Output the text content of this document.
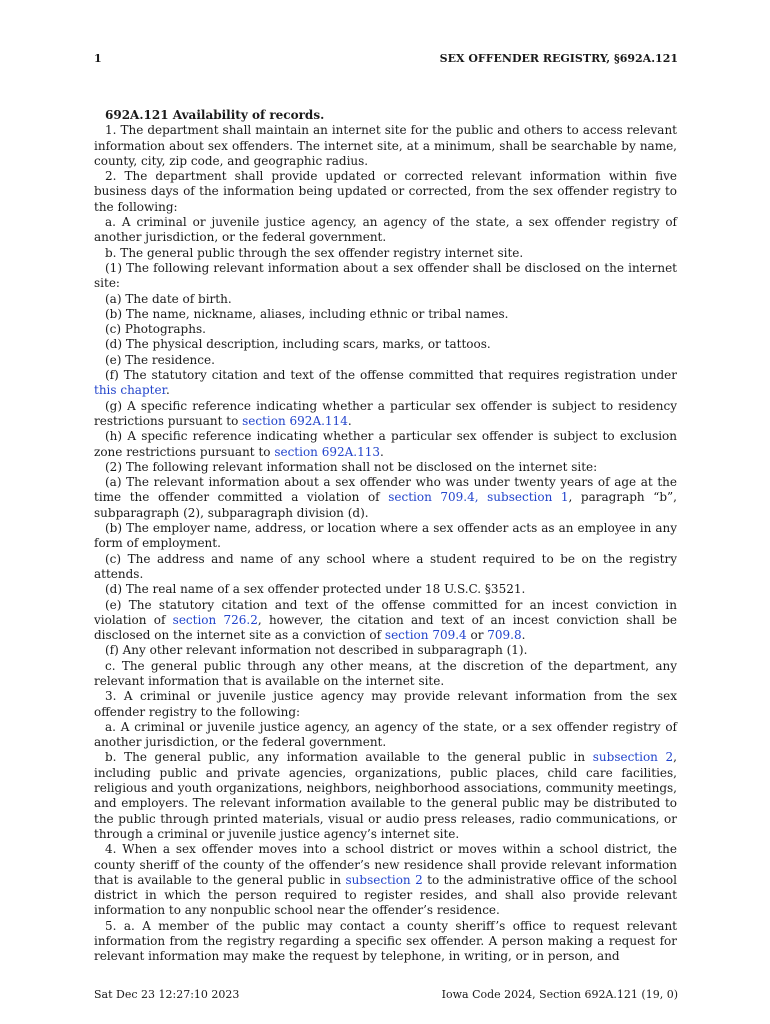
1	SEX OFFENDER REGISTRY, §692A.121

692A.121 Availability of records.

1. The department shall maintain an internet site for the public and others to access relevant information about sex offenders. The internet site, at a minimum, shall be searchable by name, county, city, zip code, and geographic radius.

2. The department shall provide updated or corrected relevant information within five business days of the information being updated or corrected, from the sex offender registry to the following:

a. A criminal or juvenile justice agency, an agency of the state, a sex offender registry of another jurisdiction, or the federal government.

b. The general public through the sex offender registry internet site.

(1) The following relevant information about a sex offender shall be disclosed on the internet site:

(a) The date of birth.

(b) The name, nickname, aliases, including ethnic or tribal names.

(c) Photographs.

(d) The physical description, including scars, marks, or tattoos.

(e) The residence.

(f) The statutory citation and text of the offense committed that requires registration under this chapter.

(g) A specific reference indicating whether a particular sex offender is subject to residency restrictions pursuant to section 692A.114.

(h) A specific reference indicating whether a particular sex offender is subject to exclusion zone restrictions pursuant to section 692A.113.

(2) The following relevant information shall not be disclosed on the internet site:

(a) The relevant information about a sex offender who was under twenty years of age at the time the offender committed a violation of section 709.4, subsection 1, paragraph “b”, subparagraph (2), subparagraph division (d).

(b) The employer name, address, or location where a sex offender acts as an employee in any form of employment.

(c) The address and name of any school where a student required to be on the registry attends.

(d) The real name of a sex offender protected under 18 U.S.C. §3521.

(e) The statutory citation and text of the offense committed for an incest conviction in violation of section 726.2, however, the citation and text of an incest conviction shall be disclosed on the internet site as a conviction of section 709.4 or 709.8.

(f) Any other relevant information not described in subparagraph (1).

c. The general public through any other means, at the discretion of the department, any relevant information that is available on the internet site.

3. A criminal or juvenile justice agency may provide relevant information from the sex offender registry to the following:

a. A criminal or juvenile justice agency, an agency of the state, or a sex offender registry of another jurisdiction, or the federal government.

b. The general public, any information available to the general public in subsection 2, including public and private agencies, organizations, public places, child care facilities, religious and youth organizations, neighbors, neighborhood associations, community meetings, and employers. The relevant information available to the general public may be distributed to the public through printed materials, visual or audio press releases, radio communications, or through a criminal or juvenile justice agency’s internet site.

4. When a sex offender moves into a school district or moves within a school district, the county sheriff of the county of the offender’s new residence shall provide relevant information that is available to the general public in subsection 2 to the administrative office of the school district in which the person required to register resides, and shall also provide relevant information to any nonpublic school near the offender’s residence.

5. a. A member of the public may contact a county sheriff’s office to request relevant information from the registry regarding a specific sex offender. A person making a request for relevant information may make the request by telephone, in writing, or in person, and

Sat Dec 23 12:27:10 2023	Iowa Code 2024, Section 692A.121 (19, 0)
